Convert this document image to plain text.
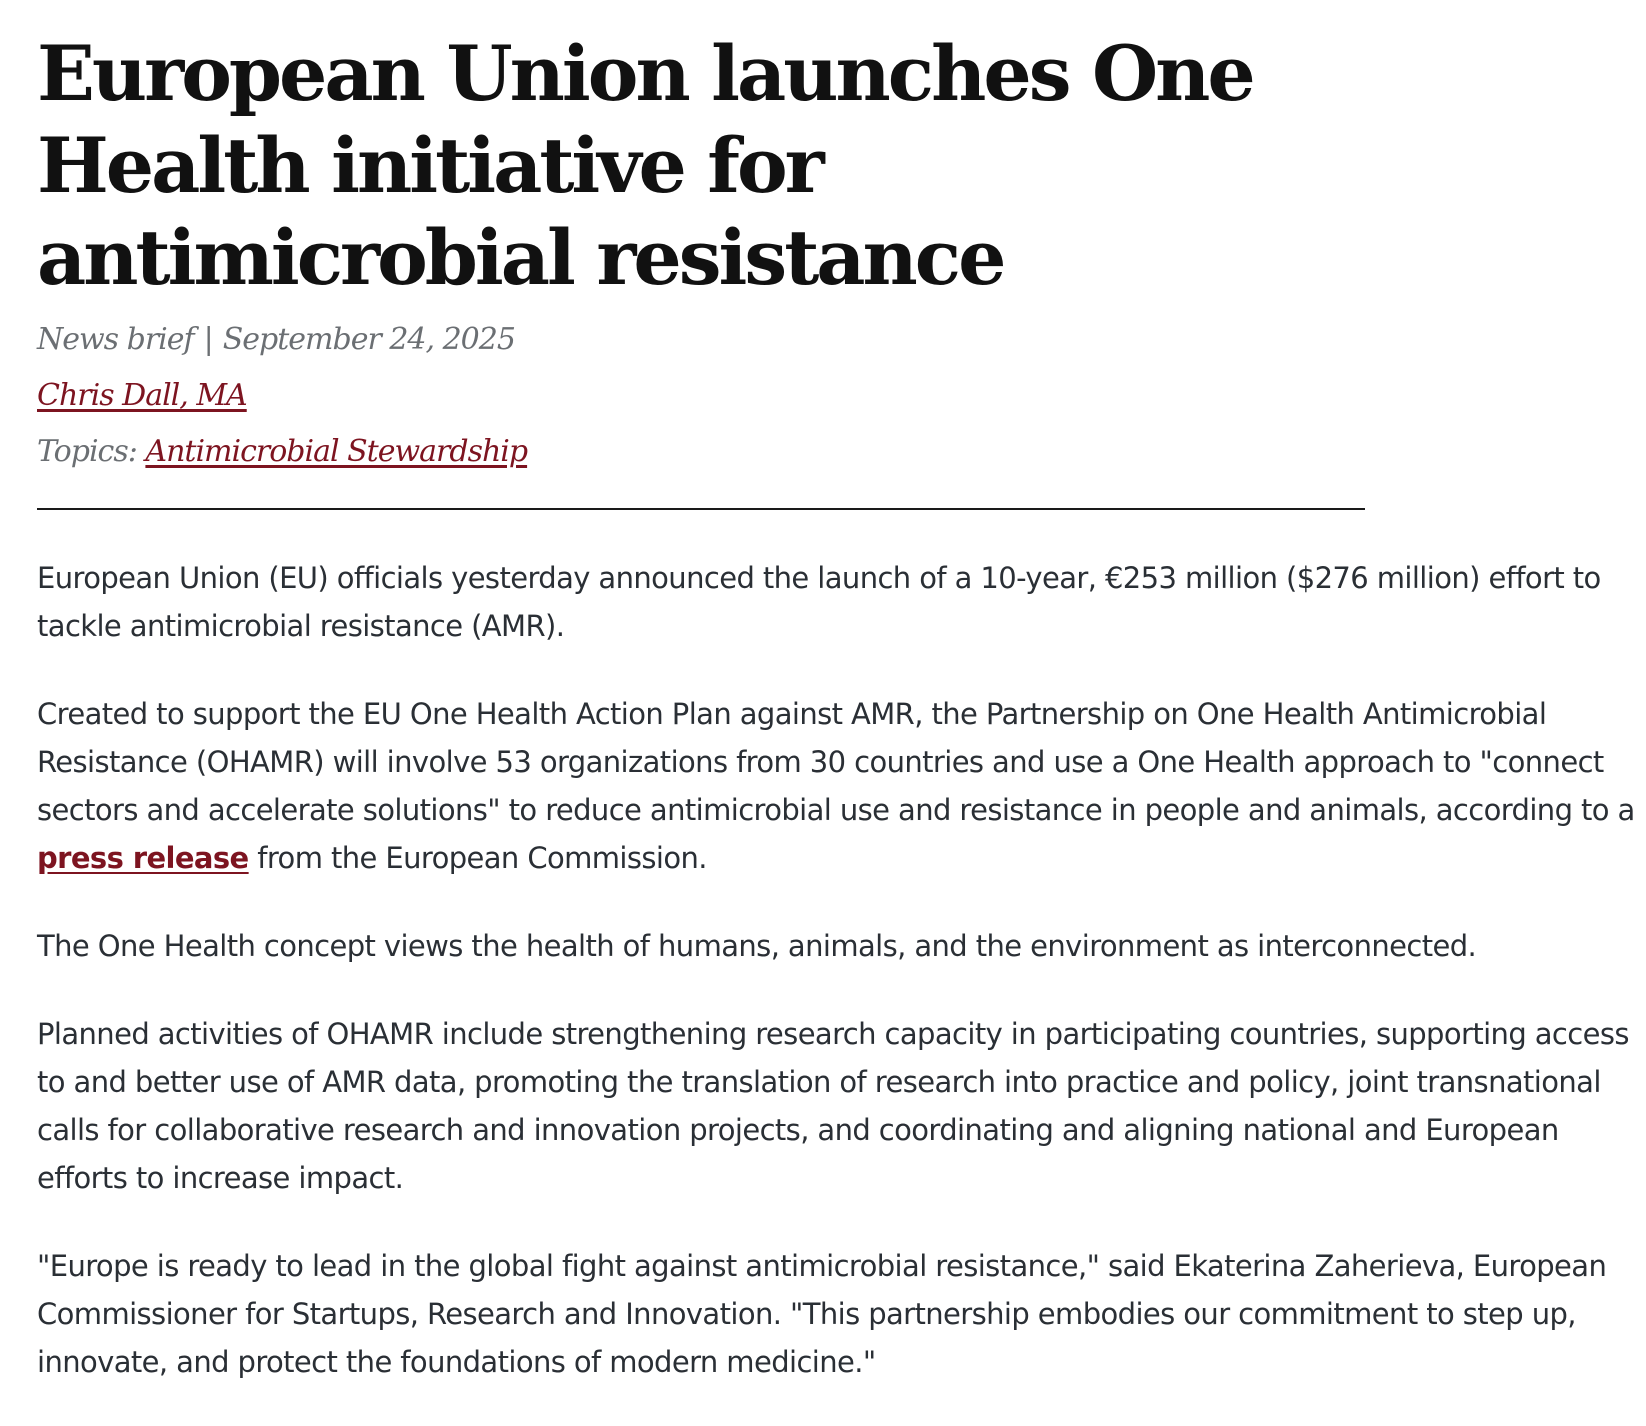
European Union launches One Health initiative for antimicrobial resistance
News brief | September 24, 2025
Chris Dall, MA
Topics: Antimicrobial Stewardship

European Union (EU) officials yesterday announced the launch of a 10-year, €253 million ($276 million) effort to tackle antimicrobial resistance (AMR).

Created to support the EU One Health Action Plan against AMR, the Partnership on One Health Antimicrobial Resistance (OHAMR) will involve 53 organizations from 30 countries and use a One Health approach to "connect sectors and accelerate solutions" to reduce antimicrobial use and resistance in people and animals, according to a press release from the European Commission.

The One Health concept views the health of humans, animals, and the environment as interconnected.

Planned activities of OHAMR include strengthening research capacity in participating countries, supporting access to and better use of AMR data, promoting the translation of research into practice and policy, joint transnational calls for collaborative research and innovation projects, and coordinating and aligning national and European efforts to increase impact.

"Europe is ready to lead in the global fight against antimicrobial resistance," said Ekaterina Zaherieva, European Commissioner for Startups, Research and Innovation. "This partnership embodies our commitment to step up, innovate, and protect the foundations of modern medicine."
